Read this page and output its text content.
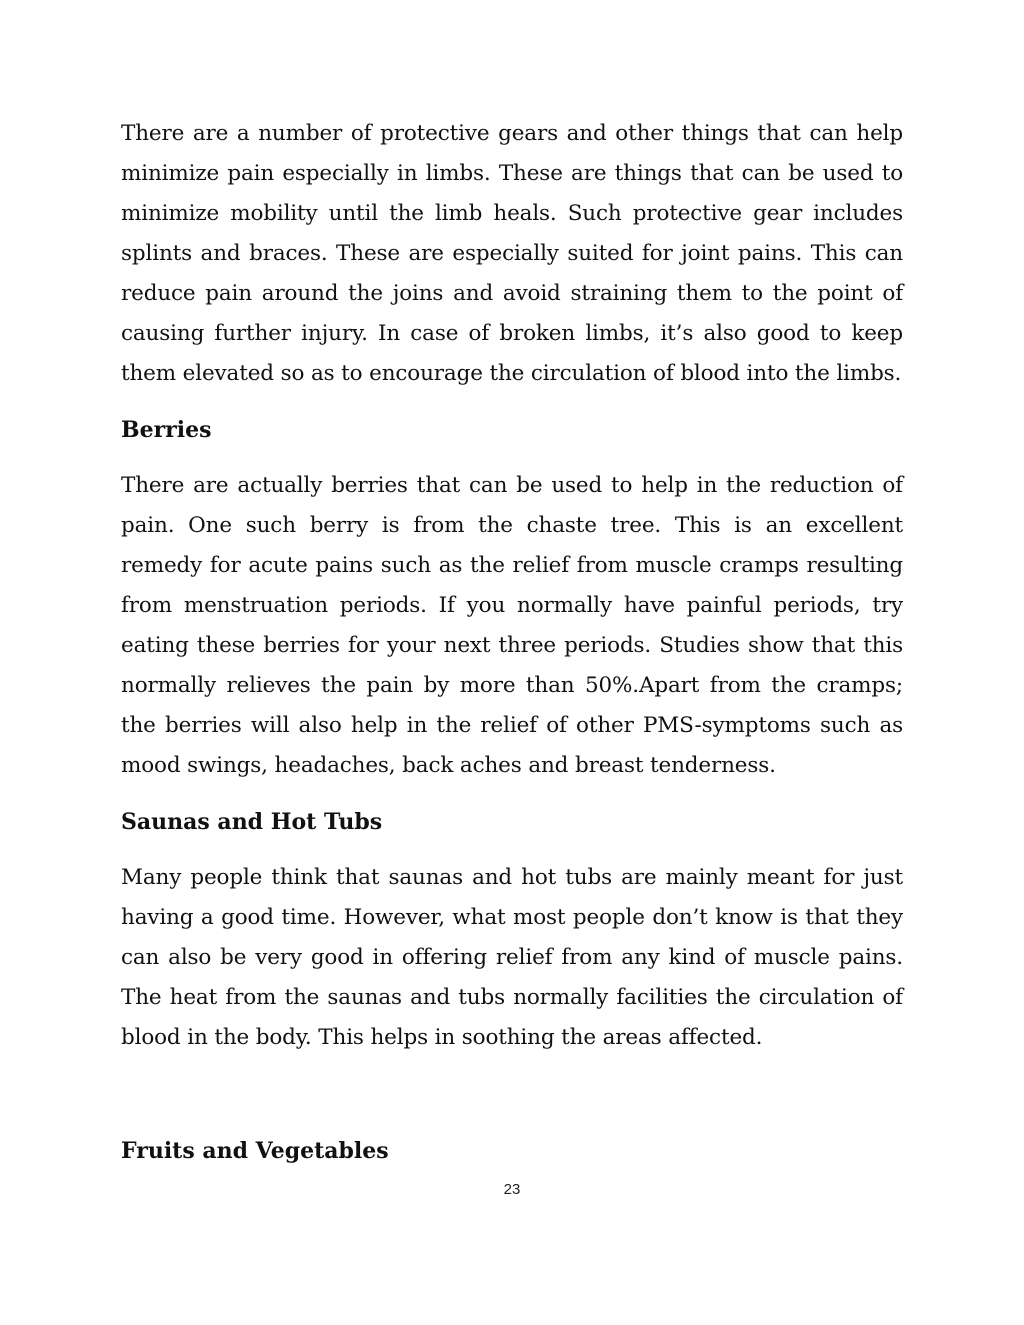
There are a number of protective gears and other things that can help minimize pain especially in limbs. These are things that can be used to minimize mobility until the limb heals. Such protective gear includes splints and braces. These are especially suited for joint pains. This can reduce pain around the joins and avoid straining them to the point of causing further injury. In case of broken limbs, it’s also good to keep them elevated so as to encourage the circulation of blood into the limbs.

Berries

There are actually berries that can be used to help in the reduction of pain. One such berry is from the chaste tree. This is an excellent remedy for acute pains such as the relief from muscle cramps resulting from menstruation periods. If you normally have painful periods, try eating these berries for your next three periods. Studies show that this normally relieves the pain by more than 50%.Apart from the cramps; the berries will also help in the relief of other PMS-symptoms such as mood swings, headaches, back aches and breast tenderness.

Saunas and Hot Tubs

Many people think that saunas and hot tubs are mainly meant for just having a good time. However, what most people don’t know is that they can also be very good in offering relief from any kind of muscle pains. The heat from the saunas and tubs normally facilities the circulation of blood in the body. This helps in soothing the areas affected.

Fruits and Vegetables
23
